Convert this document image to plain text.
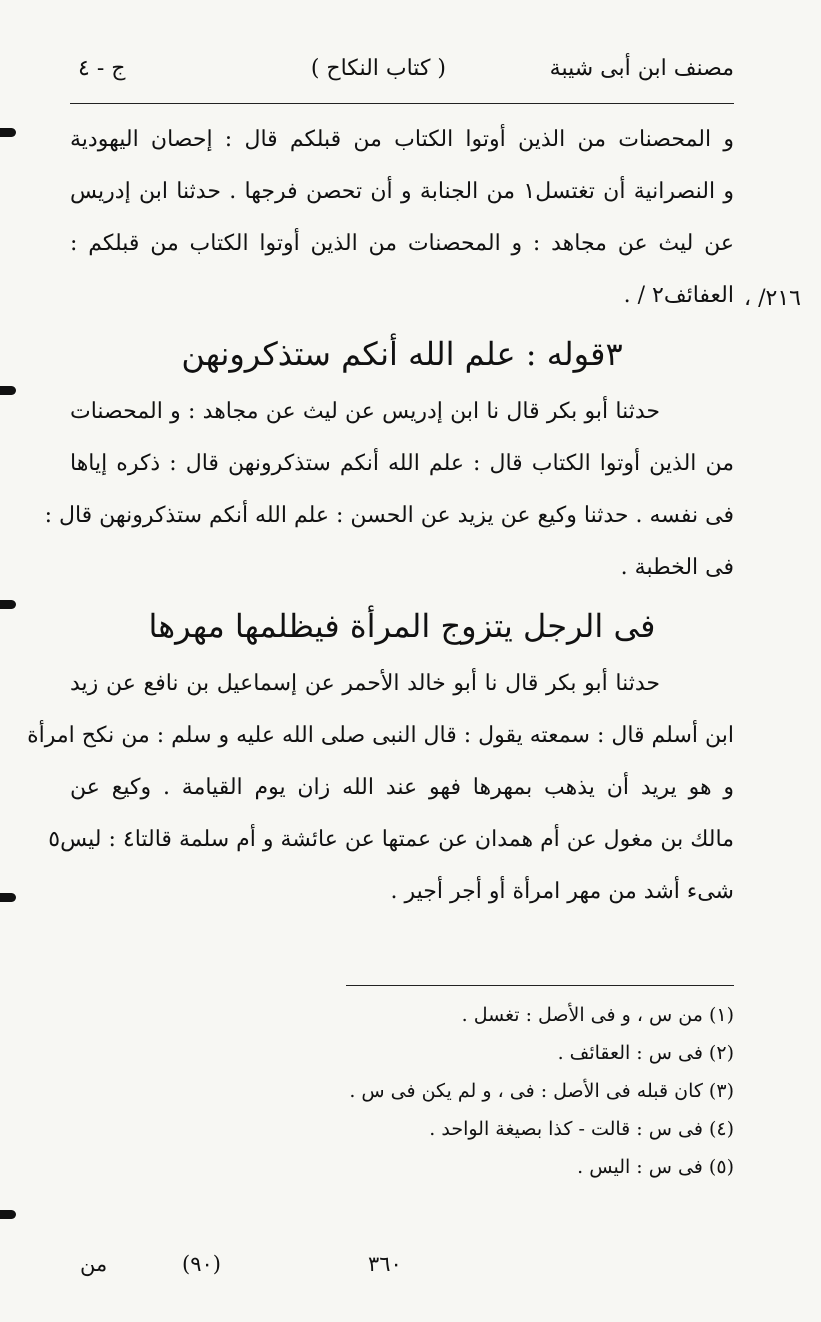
مصنف ابن أبى شيبة
( كتاب النكاح )
ج - ٤
٢١٦/ ،
و المحصنات من الذين أوتوا الكتاب من قبلكم قال : إحصان اليهودية
و النصرانية أن تغتسل١ من الجنابة و أن تحصن فرجها . حدثنا ابن إدريس
عن ليث عن مجاهد : و المحصنات من الذين أوتوا الكتاب من قبلكم :
العفائف٢ / .
٣قوله : علم الله أنكم ستذكرونهن
حدثنا أبو بكر قال نا ابن إدريس عن ليث عن مجاهد : و المحصنات
من الذين أوتوا الكتاب قال : علم الله أنكم ستذكرونهن قال : ذكره إياها
فى نفسه . حدثنا وكيع عن يزيد عن الحسن : علم الله أنكم ستذكرونهن قال :
فى الخطبة .
فى الرجل يتزوج المرأة فيظلمها مهرها
حدثنا أبو بكر قال نا أبو خالد الأحمر عن إسماعيل بن نافع عن زيد
ابن أسلم قال : سمعته يقول : قال النبى صلى الله عليه و سلم : من نكح امرأة
و هو يريد أن يذهب بمهرها فهو عند الله زان يوم القيامة . وكيع عن
مالك بن مغول عن أم همدان عن عمتها عن عائشة و أم سلمة قالتا٤ : ليس٥
شىء أشد من مهر امرأة أو أجر أجير .
(١) من س ، و فى الأصل : تغسل .
(٢) فى س : العقائف .
(٣) كان قبله فى الأصل : فى ، و لم يكن فى س .
(٤) فى س : قالت - كذا بصيغة الواحد .
(٥) فى س : اليس .
من	(٩٠)	٣٦٠
